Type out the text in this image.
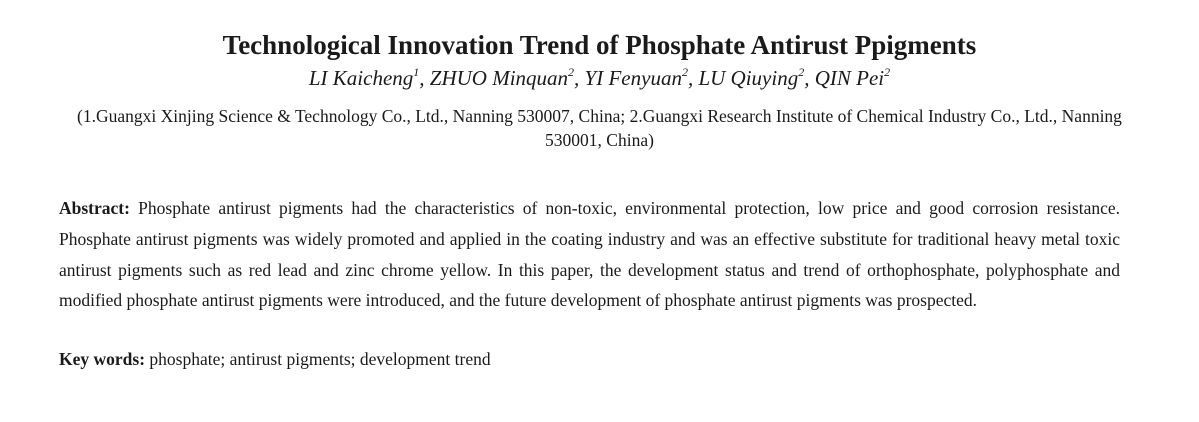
Technological Innovation Trend of Phosphate Antirust Ppigments
LI Kaicheng$^1$, ZHUO Minquan$^2$, YI Fenyuan$^2$, LU Qiuying$^2$, QIN Pei$^2$
(1.Guangxi Xinjing Science & Technology Co., Ltd., Nanning 530007, China; 2.Guangxi Research Institute of Chemical Industry Co., Ltd., Nanning 530001, China)
Abstract: Phosphate antirust pigments had the characteristics of non-toxic, environmental protection, low price and good corrosion resistance. Phosphate antirust pigments was widely promoted and applied in the coating industry and was an effective substitute for traditional heavy metal toxic antirust pigments such as red lead and zinc chrome yellow. In this paper, the development status and trend of orthophosphate, polyphosphate and modified phosphate antirust pigments were introduced, and the future development of phosphate antirust pigments was prospected.
Key words: phosphate; antirust pigments; development trend
